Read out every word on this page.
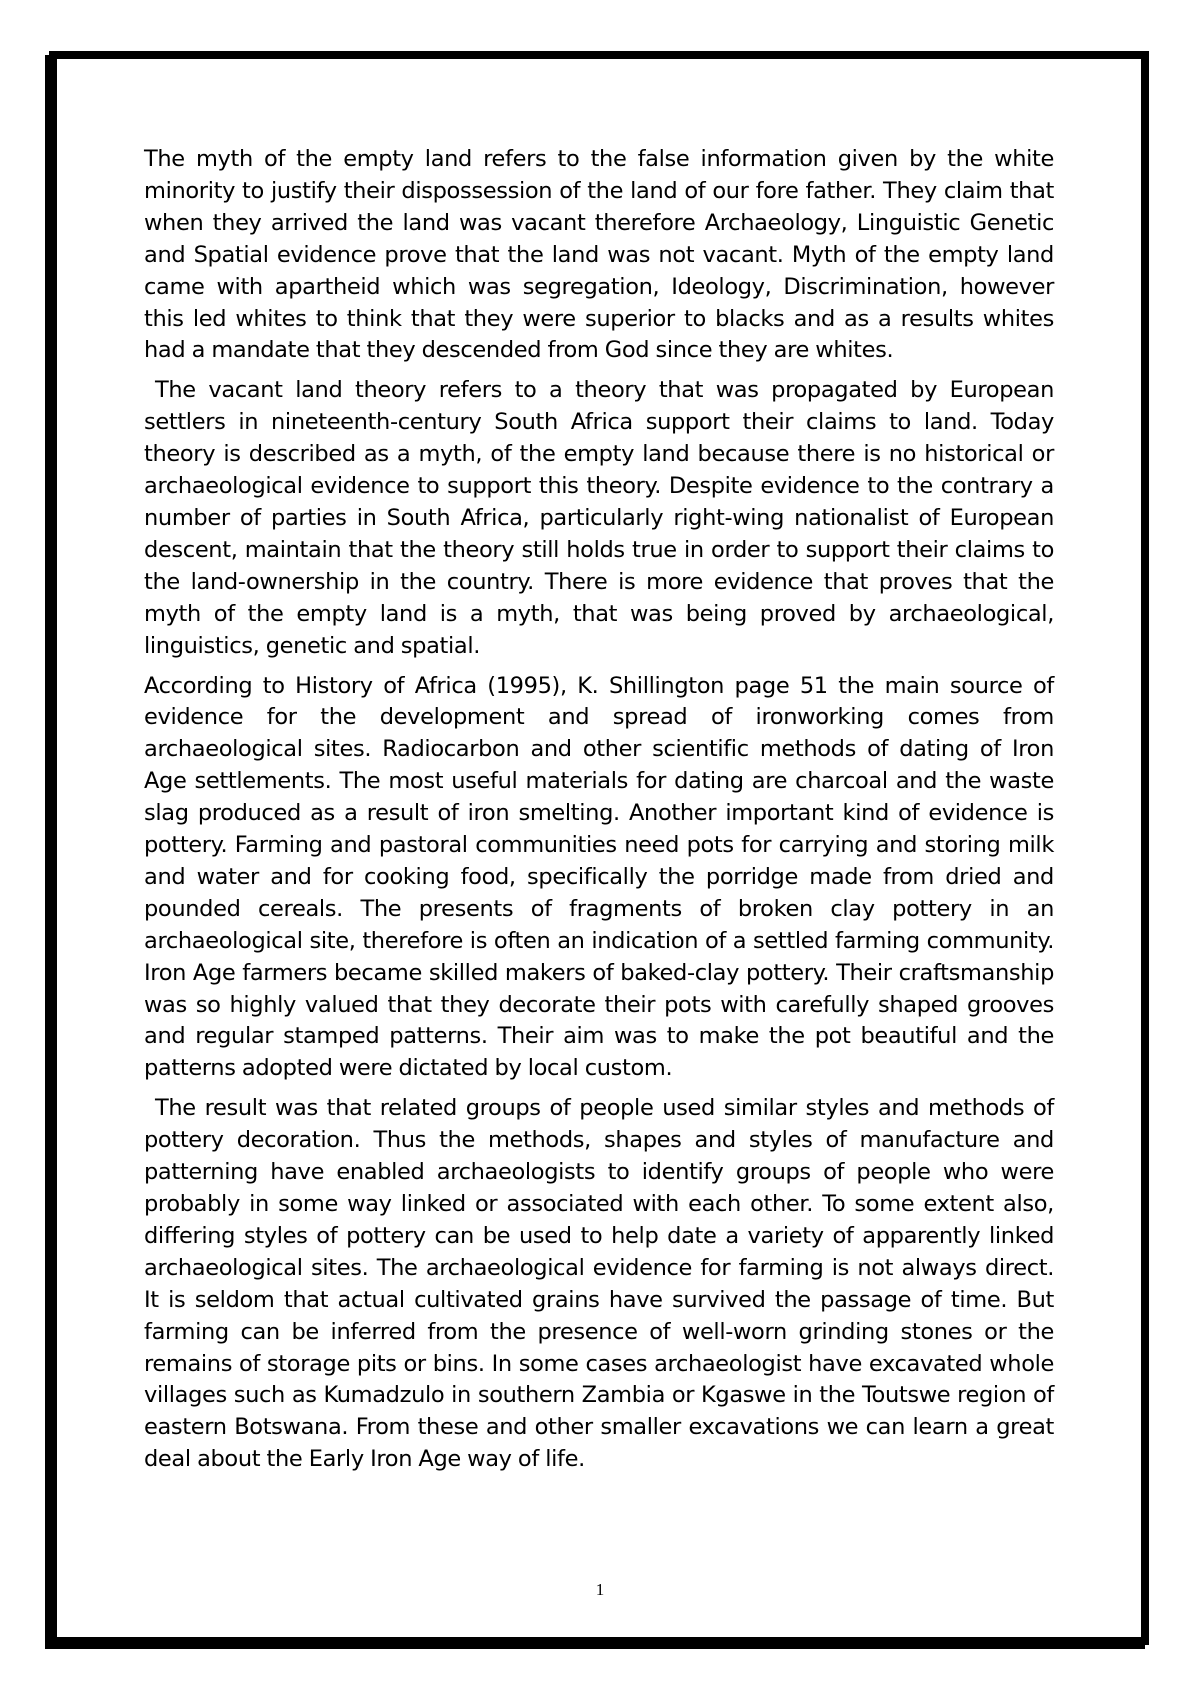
The myth of the empty land refers to the false information given by the white minority to justify their dispossession of the land of our fore father. They claim that when they arrived the land was vacant therefore Archaeology, Linguistic Genetic and Spatial evidence prove that the land was not vacant. Myth of the empty land came with apartheid which was segregation, Ideology, Discrimination, however this led whites to think that they were superior to blacks and as a results whites had a mandate that they descended from God since they are whites.

The vacant land theory refers to a theory that was propagated by European settlers in nineteenth-century South Africa support their claims to land. Today theory is described as a myth, of the empty land because there is no historical or archaeological evidence to support this theory. Despite evidence to the contrary a number of parties in South Africa, particularly right-wing nationalist of European descent, maintain that the theory still holds true in order to support their claims to the land-ownership in the country. There is more evidence that proves that the myth of the empty land is a myth, that was being proved by archaeological, linguistics, genetic and spatial.

According to History of Africa (1995), K. Shillington page 51 the main source of evidence for the development and spread of ironworking comes from archaeological sites. Radiocarbon and other scientific methods of dating of Iron Age settlements. The most useful materials for dating are charcoal and the waste slag produced as a result of iron smelting. Another important kind of evidence is pottery. Farming and pastoral communities need pots for carrying and storing milk and water and for cooking food, specifically the porridge made from dried and pounded cereals. The presents of fragments of broken clay pottery in an archaeological site, therefore is often an indication of a settled farming community. Iron Age farmers became skilled makers of baked-clay pottery. Their craftsmanship was so highly valued that they decorate their pots with carefully shaped grooves and regular stamped patterns. Their aim was to make the pot beautiful and the patterns adopted were dictated by local custom.

The result was that related groups of people used similar styles and methods of pottery decoration. Thus the methods, shapes and styles of manufacture and patterning have enabled archaeologists to identify groups of people who were probably in some way linked or associated with each other. To some extent also, differing styles of pottery can be used to help date a variety of apparently linked archaeological sites. The archaeological evidence for farming is not always direct. It is seldom that actual cultivated grains have survived the passage of time. But farming can be inferred from the presence of well-worn grinding stones or the remains of storage pits or bins. In some cases archaeologist have excavated whole villages such as Kumadzulo in southern Zambia or Kgaswe in the Toutswe region of eastern Botswana. From these and other smaller excavations we can learn a great deal about the Early Iron Age way of life.

1
